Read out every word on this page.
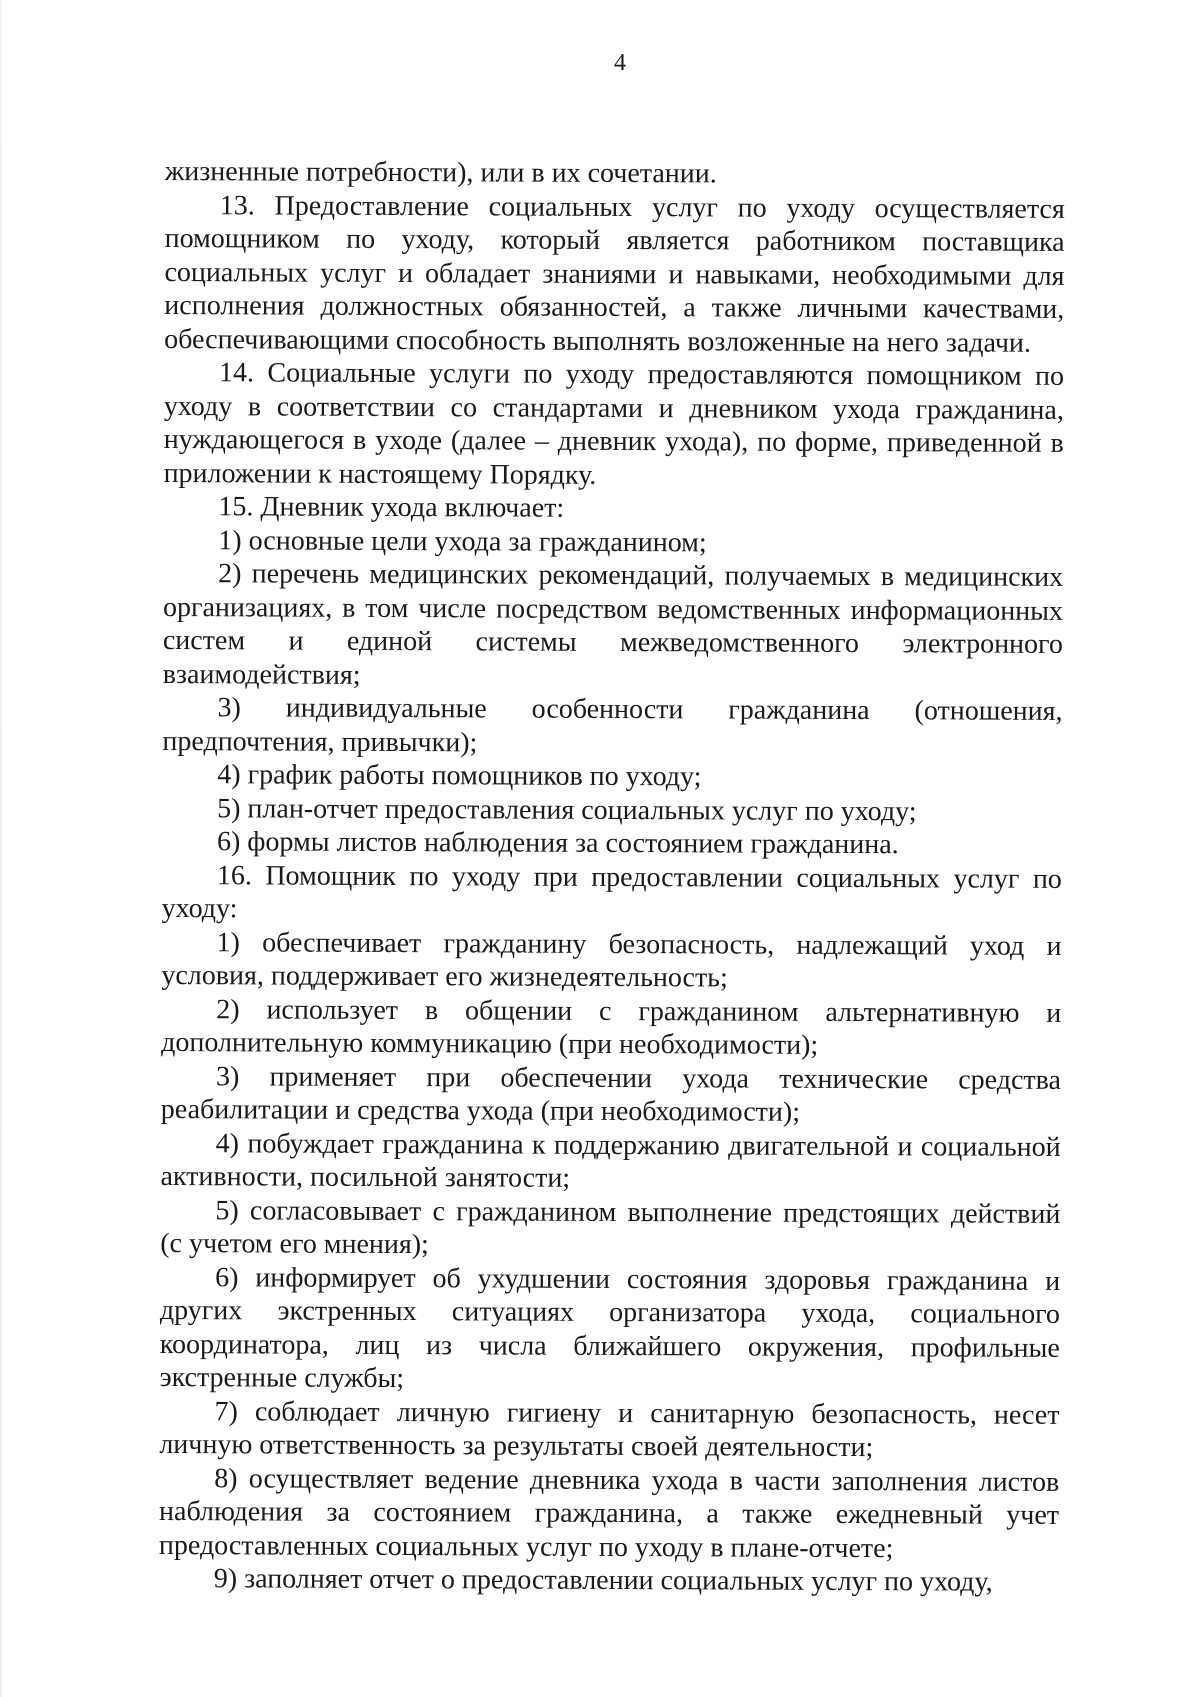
4

жизненные потребности), или в их сочетании.

13. Предоставление социальных услуг по уходу осуществляется помощником по уходу, который является работником поставщика социальных услуг и обладает знаниями и навыками, необходимыми для исполнения должностных обязанностей, а также личными качествами, обеспечивающими способность выполнять возложенные на него задачи.

14. Социальные услуги по уходу предоставляются помощником по уходу в соответствии со стандартами и дневником ухода гражданина, нуждающегося в уходе (далее – дневник ухода), по форме, приведенной в приложении к настоящему Порядку.

15. Дневник ухода включает:

1) основные цели ухода за гражданином;

2) перечень медицинских рекомендаций, получаемых в медицинских организациях, в том числе посредством ведомственных информационных систем и единой системы межведомственного электронного взаимодействия;

3) индивидуальные особенности гражданина (отношения, предпочтения, привычки);

4) график работы помощников по уходу;

5) план-отчет предоставления социальных услуг по уходу;

6) формы листов наблюдения за состоянием гражданина.

16. Помощник по уходу при предоставлении социальных услуг по уходу:

1) обеспечивает гражданину безопасность, надлежащий уход и условия, поддерживает его жизнедеятельность;

2) использует в общении с гражданином альтернативную и дополнительную коммуникацию (при необходимости);

3) применяет при обеспечении ухода технические средства реабилитации и средства ухода (при необходимости);

4) побуждает гражданина к поддержанию двигательной и социальной активности, посильной занятости;

5) согласовывает с гражданином выполнение предстоящих действий (с учетом его мнения);

6) информирует об ухудшении состояния здоровья гражданина и других экстренных ситуациях организатора ухода, социального координатора, лиц из числа ближайшего окружения, профильные экстренные службы;

7) соблюдает личную гигиену и санитарную безопасность, несет личную ответственность за результаты своей деятельности;

8) осуществляет ведение дневника ухода в части заполнения листов наблюдения за состоянием гражданина, а также ежедневный учет предоставленных социальных услуг по уходу в плане-отчете;

9) заполняет отчет о предоставлении социальных услуг по уходу,
